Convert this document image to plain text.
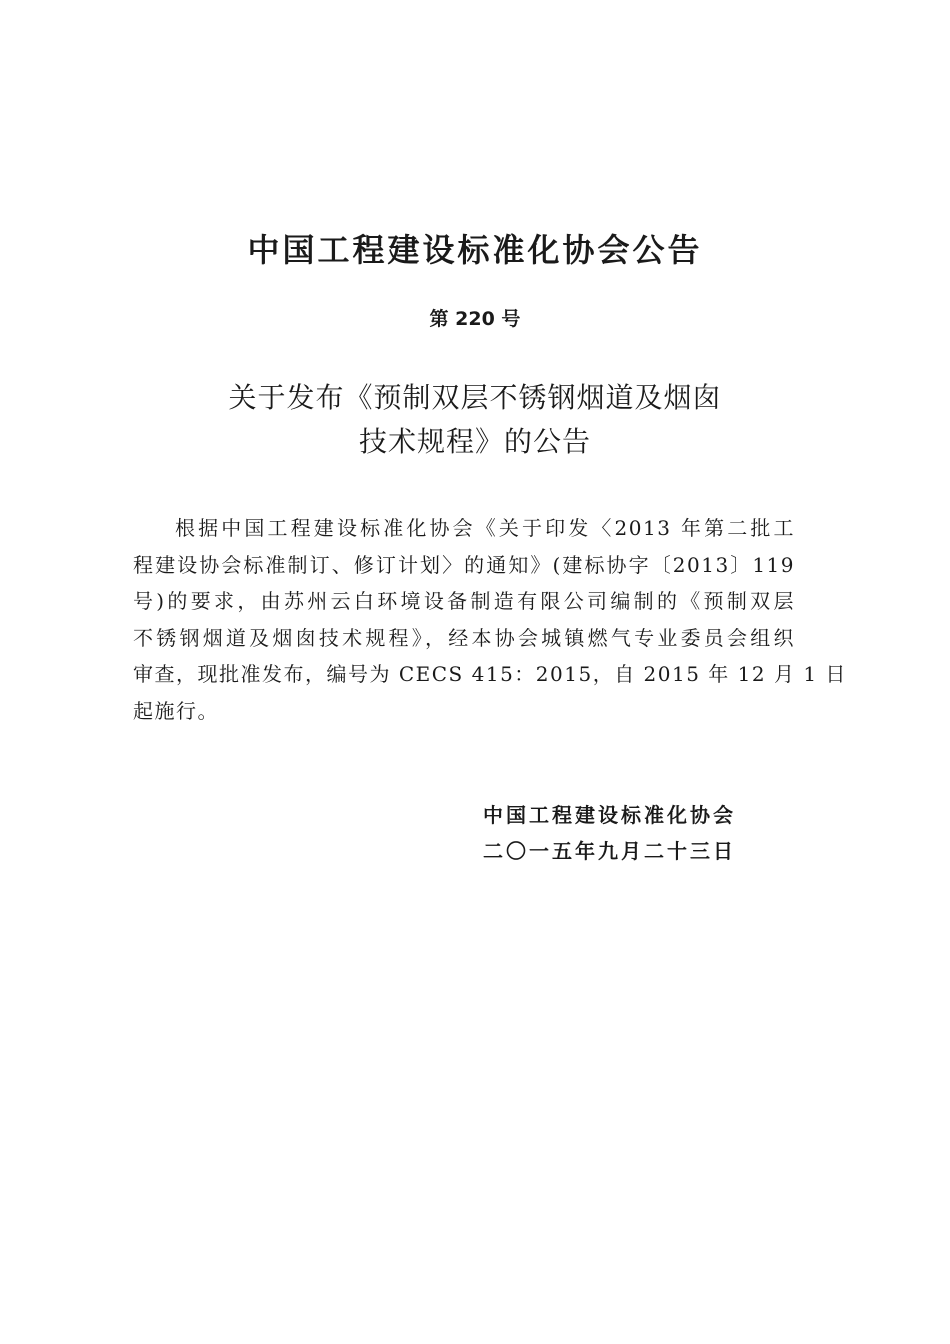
中国工程建设标准化协会公告
第 220 号
关于发布《预制双层不锈钢烟道及烟囱
技术规程》的公告
根据中国工程建设标准化协会《关于印发〈2013 年第二批工
程建设协会标准制订、修订计划〉的通知》(建标协字〔2013〕119
号)的要求，由苏州云白环境设备制造有限公司编制的《预制双层
不锈钢烟道及烟囱技术规程》，经本协会城镇燃气专业委员会组织
审查，现批准发布，编号为 CECS 415：2015，自 2015 年 12 月 1 日
起施行。
中国工程建设标准化协会
二〇一五年九月二十三日
